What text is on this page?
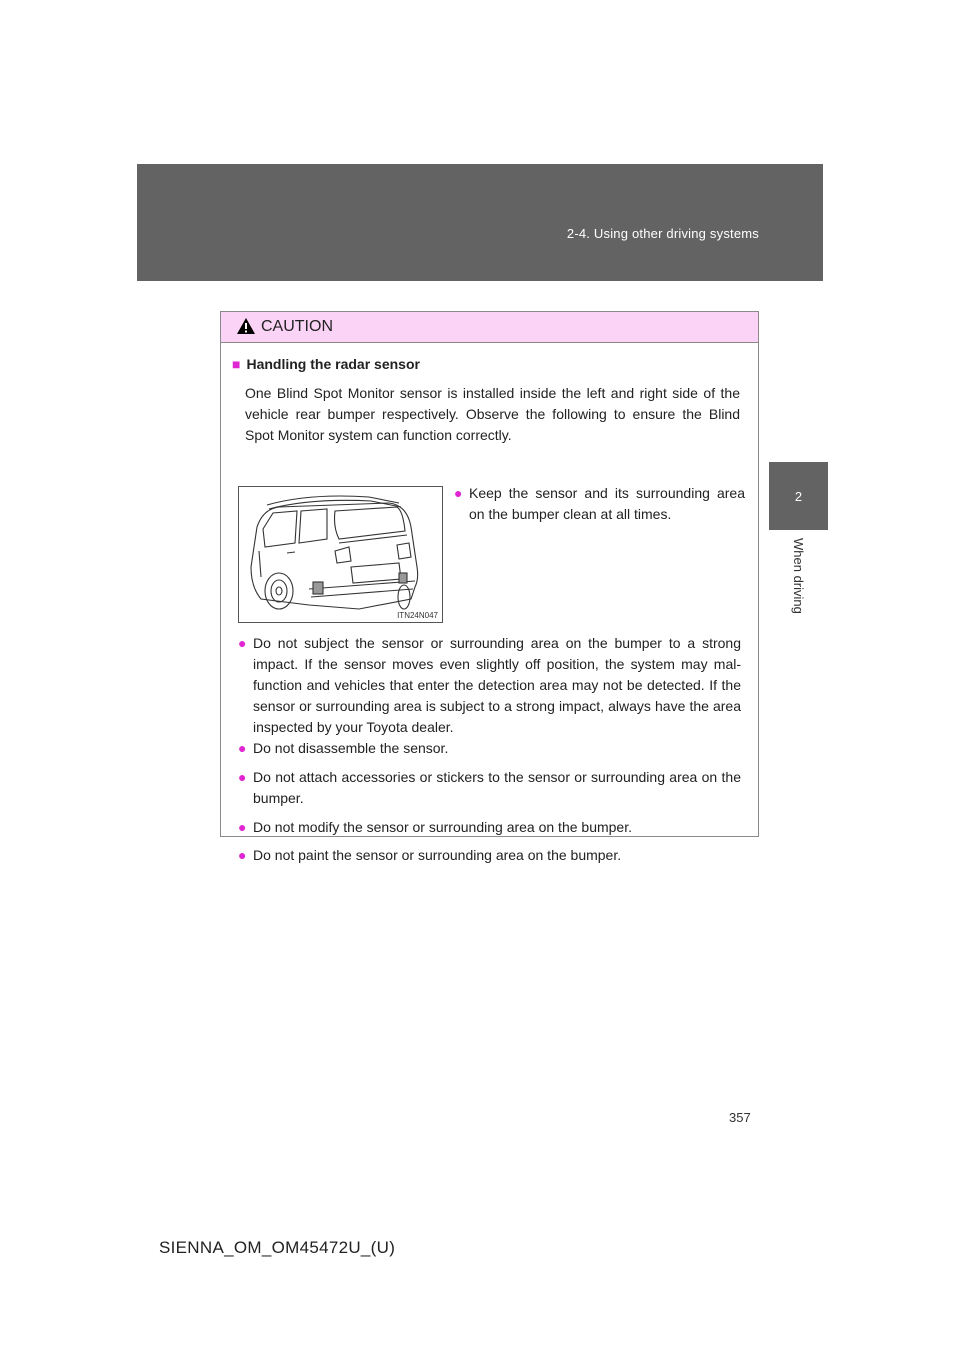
2-4. Using other driving systems
2
When driving
CAUTION
■ Handling the radar sensor
One Blind Spot Monitor sensor is installed inside the left and right side of the vehicle rear bumper respectively. Observe the following to ensure the Blind Spot Monitor system can function correctly.
ITN24N047
● Keep the sensor and its surrounding area on the bumper clean at all times.
● Do not subject the sensor or surrounding area on the bumper to a strong impact. If the sensor moves even slightly off position, the system may mal-function and vehicles that enter the detection area may not be detected. If the sensor or surrounding area is subject to a strong impact, always have the area inspected by your Toyota dealer.
● Do not disassemble the sensor.
● Do not attach accessories or stickers to the sensor or surrounding area on the bumper.
● Do not modify the sensor or surrounding area on the bumper.
● Do not paint the sensor or surrounding area on the bumper.
357
SIENNA_OM_OM45472U_(U)
